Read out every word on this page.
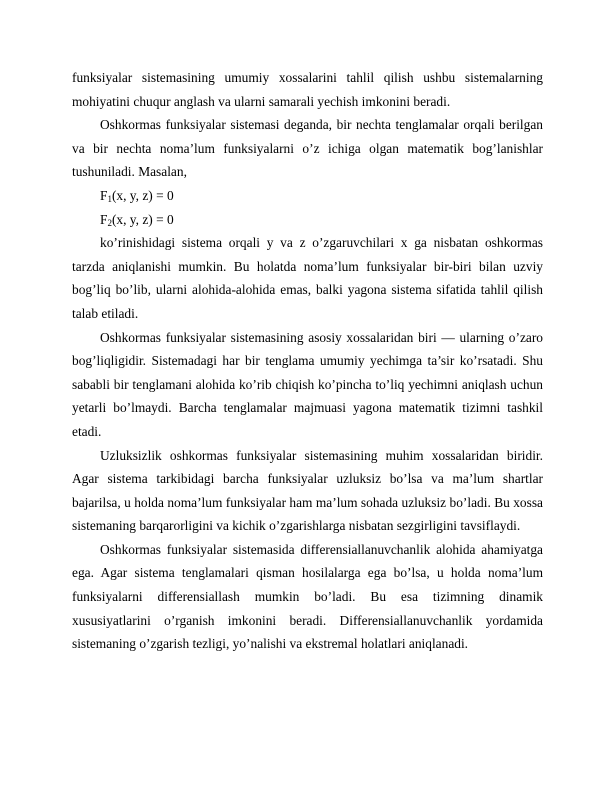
funksiyalar sistemasining umumiy xossalarini tahlil qilish ushbu sistemalarning mohiyatini chuqur anglash va ularni samarali yechish imkonini beradi.

Oshkormas funksiyalar sistemasi deganda, bir nechta tenglamalar orqali berilgan va bir nechta noma’lum funksiyalarni o’z ichiga olgan matematik bog’lanishlar tushuniladi. Masalan,

$F_1(x$, y, z) = 0

$F_2(x$, y, z) = 0

ko’rinishidagi sistema orqali y va z o’zgaruvchilari x ga nisbatan oshkormas tarzda aniqlanishi mumkin. Bu holatda noma’lum funksiyalar bir-biri bilan uzviy bog’liq bo’lib, ularni alohida-alohida emas, balki yagona sistema sifatida tahlil qilish talab etiladi.

Oshkormas funksiyalar sistemasining asosiy xossalaridan biri — ularning o’zaro bog’liqligidir. Sistemadagi har bir tenglama umumiy yechimga ta’sir ko’rsatadi. Shu sababli bir tenglamani alohida ko’rib chiqish ko’pincha to’liq yechimni aniqlash uchun yetarli bo’lmaydi. Barcha tenglamalar majmuasi yagona matematik tizimni tashkil etadi.

Uzluksizlik oshkormas funksiyalar sistemasining muhim xossalaridan biridir. Agar sistema tarkibidagi barcha funksiyalar uzluksiz bo’lsa va ma’lum shartlar bajarilsa, u holda noma’lum funksiyalar ham ma’lum sohada uzluksiz bo’ladi. Bu xossa sistemaning barqarorligini va kichik o’zgarishlarga nisbatan sezgirligini tavsiflaydi.

Oshkormas funksiyalar sistemasida differensiallanuvchanlik alohida ahamiyatga ega. Agar sistema tenglamalari qisman hosilalarga ega bo’lsa, u holda noma’lum funksiyalarni differensiallash mumkin bo’ladi. Bu esa tizimning dinamik xususiyatlarini o’rganish imkonini beradi. Differensiallanuvchanlik yordamida sistemaning o’zgarish tezligi, yo’nalishi va ekstremal holatlari aniqlanadi.
